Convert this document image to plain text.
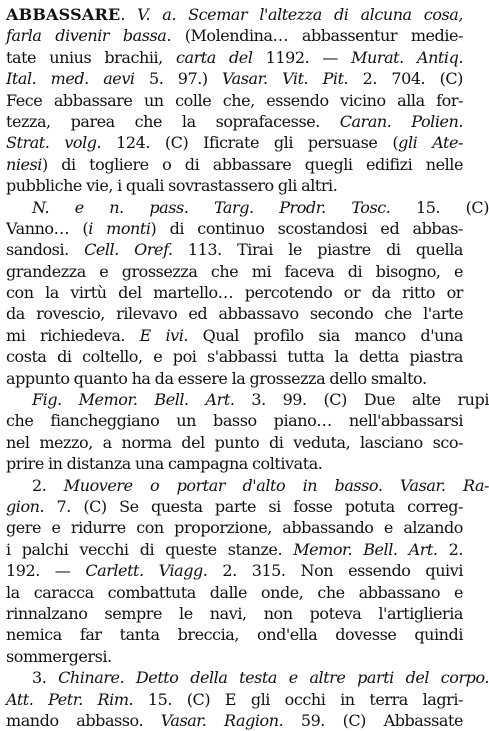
ABBASSARE. V. a. Scemar l'altezza di alcuna cosa,
farla divenir bassa. (Molendina… abbassentur medie-
tate unius brachii, carta del 1192. — Murat. Antiq.
Ital. med. aevi 5. 97.) Vasar. Vit. Pit. 2. 704. (C)
Fece abbassare un colle che, essendo vicino alla for-
tezza, parea che la soprafacesse. Caran. Polien.
Strat. volg. 124. (C) Ificrate gli persuase (gli Ate-
niesi) di togliere o di abbassare quegli edifizi nelle
pubbliche vie, i quali sovrastassero gli altri.
N. e n. pass. Targ. Prodr. Tosc. 15. (C)
Vanno… (i monti) di continuo scostandosi ed abbas-
sandosi. Cell. Oref. 113. Tirai le piastre di quella
grandezza e grossezza che mi faceva di bisogno, e
con la virtù del martello… percotendo or da ritto or
da rovescio, rilevavo ed abbassavo secondo che l'arte
mi richiedeva. E ivi. Qual profilo sia manco d'una
costa di coltello, e poi s'abbassi tutta la detta piastra
appunto quanto ha da essere la grossezza dello smalto.
Fig. Memor. Bell. Art. 3. 99. (C) Due alte rupi
che fiancheggiano un basso piano… nell'abbassarsi
nel mezzo, a norma del punto di veduta, lasciano sco-
prire in distanza una campagna coltivata.
2. Muovere o portar d'alto in basso. Vasar. Ra-
gion. 7. (C) Se questa parte si fosse potuta correg-
gere e ridurre con proporzione, abbassando e alzando
i palchi vecchi di queste stanze. Memor. Bell. Art. 2.
192. — Carlett. Viagg. 2. 315. Non essendo quivi
la caracca combattuta dalle onde, che abbassano e
rinnalzano sempre le navi, non poteva l'artiglieria
nemica far tanta breccia, ond'ella dovesse quindi
sommergersi.
3. Chinare. Detto della testa e altre parti del corpo.
Att. Petr. Rim. 15. (C) E gli occhi in terra lagri-
mando abbasso. Vasar. Ragion. 59. (C) Abbassate
